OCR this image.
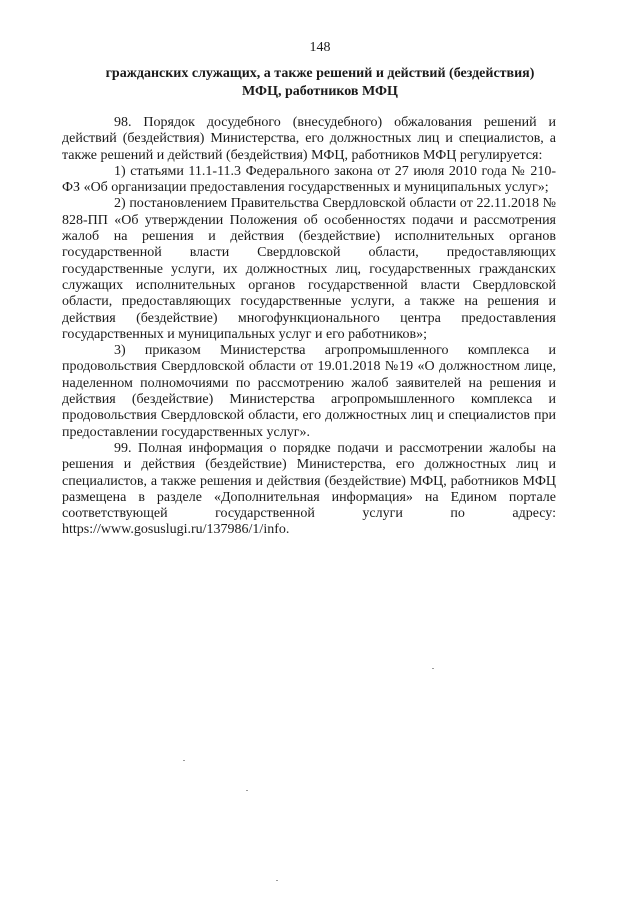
148
гражданских служащих, а также решений и действий (бездействия)
МФЦ, работников МФЦ

98. Порядок досудебного (внесудебного) обжалования решений и действий (бездействия) Министерства, его должностных лиц и специалистов, а также решений и действий (бездействия) МФЦ, работников МФЦ регулируется:

1) статьями 11.1-11.3 Федерального закона от 27 июля 2010 года № 210-ФЗ «Об организации предоставления государственных и муниципальных услуг»;

2) постановлением Правительства Свердловской области от 22.11.2018 № 828-ПП «Об утверждении Положения об особенностях подачи и рассмотрения жалоб на решения и действия (бездействие) исполнительных органов государственной власти Свердловской области, предоставляющих государственные услуги, их должностных лиц, государственных гражданских служащих исполнительных органов государственной власти Свердловской области, предоставляющих государственные услуги, а также на решения и действия (бездействие) многофункционального центра предоставления государственных и муниципальных услуг и его работников»;

3) приказом Министерства агропромышленного комплекса и продовольствия Свердловской области от 19.01.2018 №19 «О должностном лице, наделенном полномочиями по рассмотрению жалоб заявителей на решения и действия (бездействие) Министерства агропромышленного комплекса и продовольствия Свердловской области, его должностных лиц и специалистов при предоставлении государственных услуг».

99. Полная информация о порядке подачи и рассмотрении жалобы на решения и действия (бездействие) Министерства, его должностных лиц и специалистов, а также решения и действия (бездействие) МФЦ, работников МФЦ размещена в разделе «Дополнительная информация» на Едином портале соответствующей государственной услуги по адресу: https://www.gosuslugi.ru/137986/1/info.
